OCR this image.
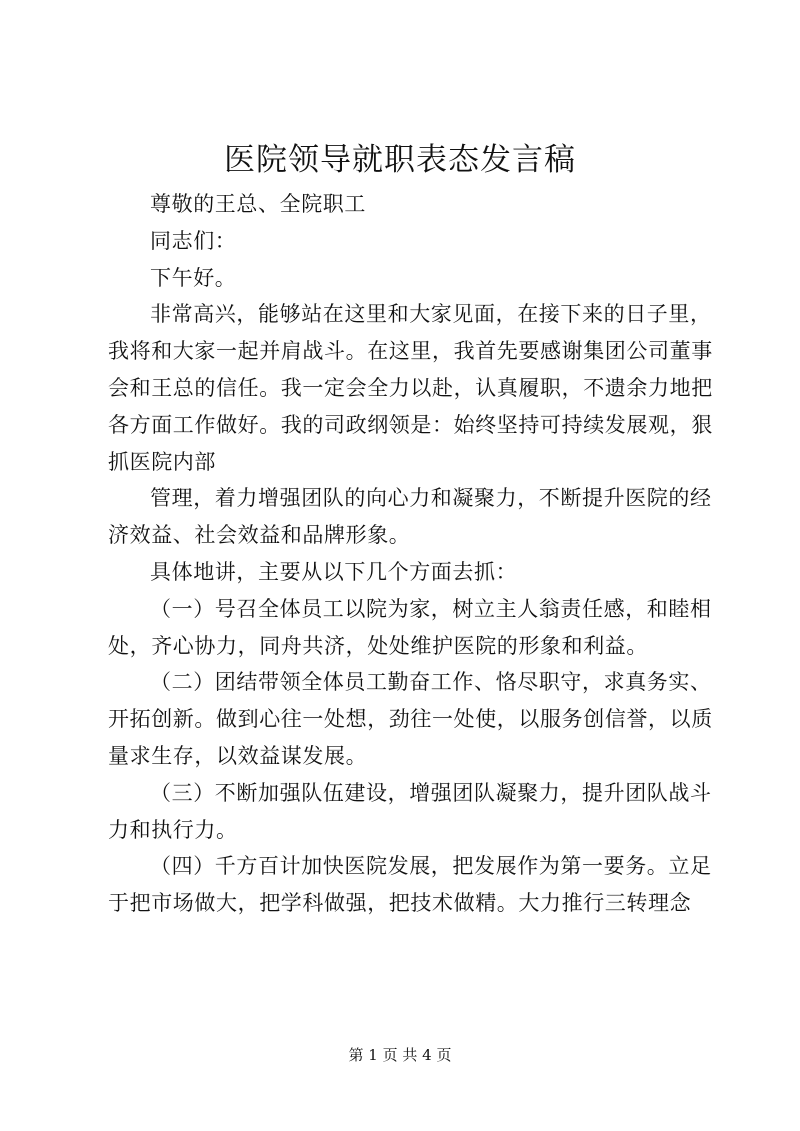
医院领导就职表态发言稿

尊敬的王总、全院职工

同志们：

下午好。

非常高兴，能够站在这里和大家见面，在接下来的日子里，
我将和大家一起并肩战斗。在这里，我首先要感谢集团公司董事
会和王总的信任。我一定会全力以赴，认真履职，不遗余力地把
各方面工作做好。我的司政纲领是：始终坚持可持续发展观，狠
抓医院内部

管理，着力增强团队的向心力和凝聚力，不断提升医院的经
济效益、社会效益和品牌形象。

具体地讲，主要从以下几个方面去抓：

（一）号召全体员工以院为家，树立主人翁责任感，和睦相
处，齐心协力，同舟共济，处处维护医院的形象和利益。

（二）团结带领全体员工勤奋工作、恪尽职守，求真务实、
开拓创新。做到心往一处想，劲往一处使，以服务创信誉，以质
量求生存，以效益谋发展。

（三）不断加强队伍建设，增强团队凝聚力，提升团队战斗
力和执行力。

（四）千方百计加快医院发展，把发展作为第一要务。立足
于把市场做大，把学科做强，把技术做精。大力推行三转理念

第 1 页 共 4 页
